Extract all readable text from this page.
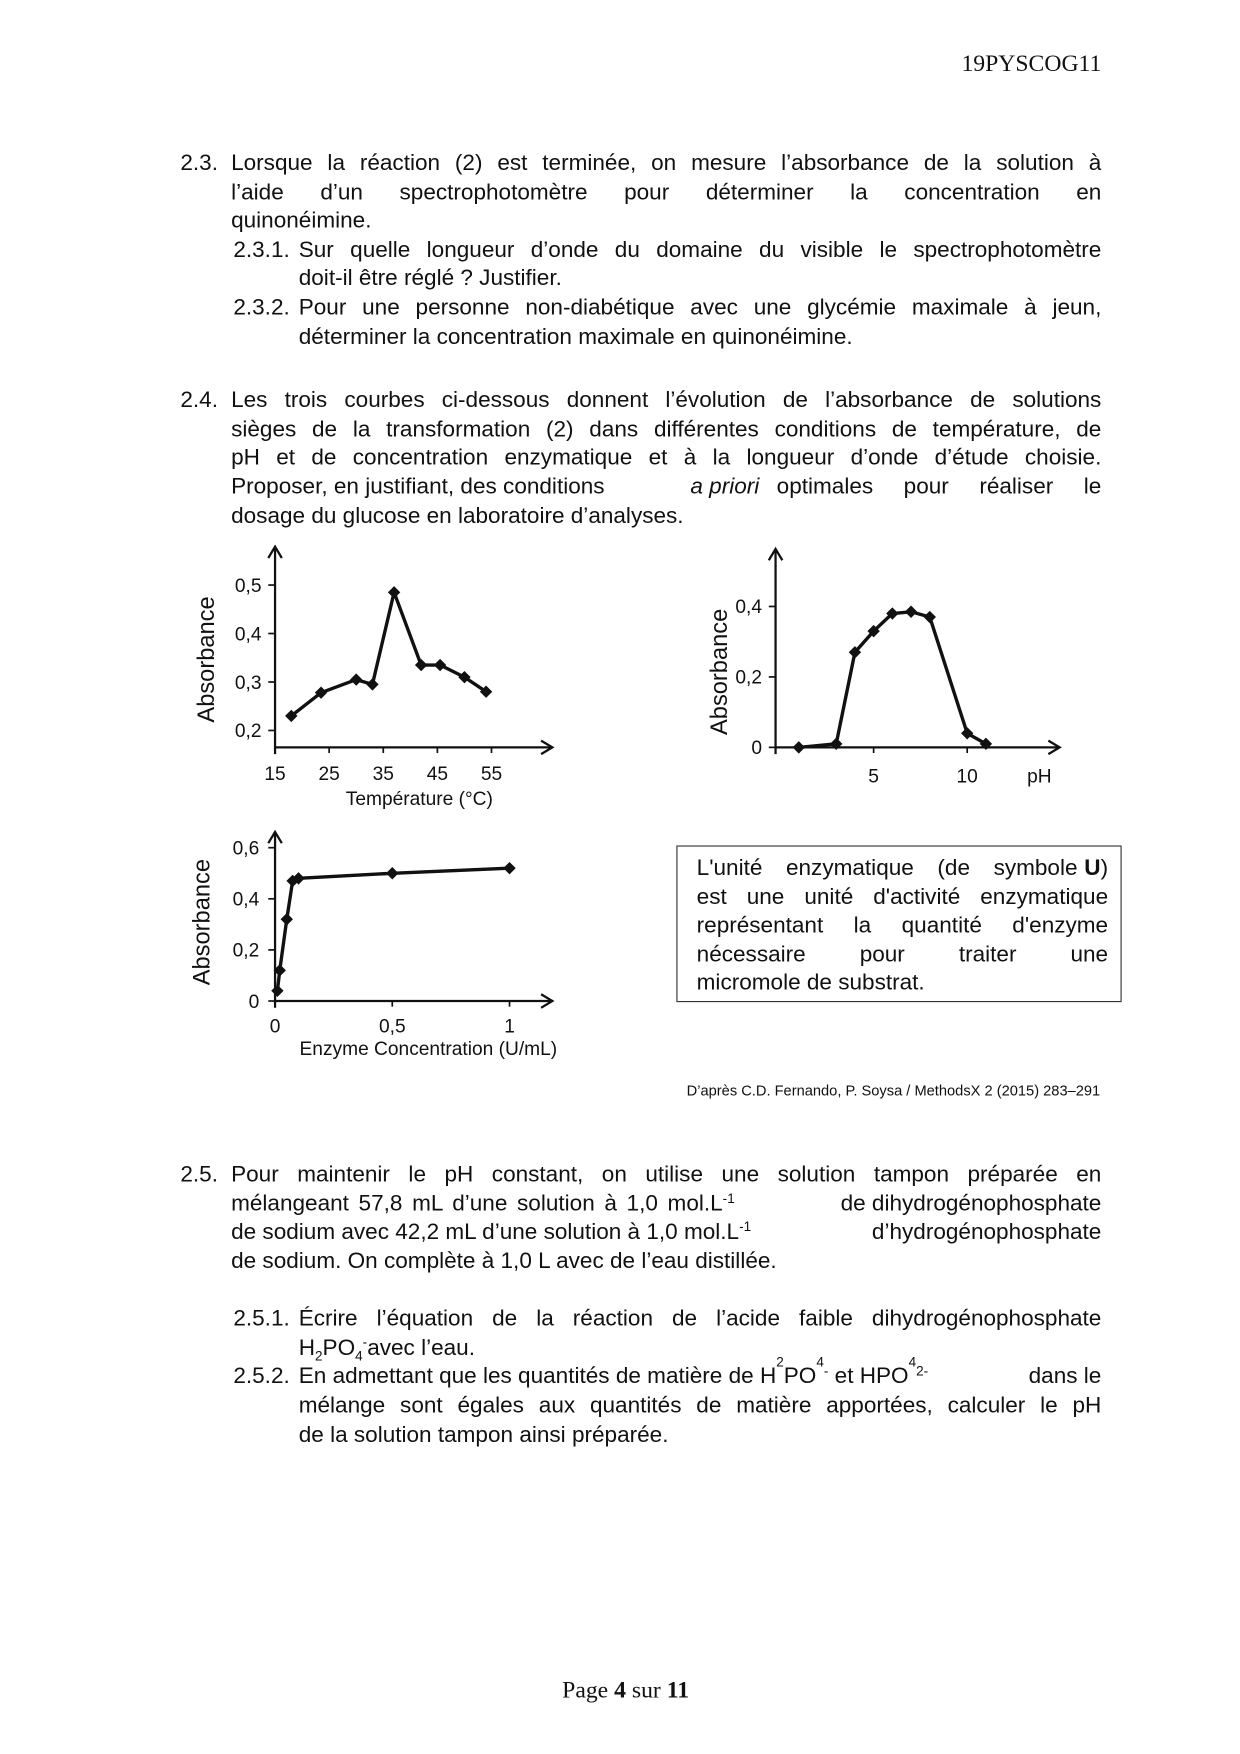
19PYSCOG11
2.3. Lorsque la réaction (2) est terminée, on mesure l’absorbance de la solution à
l’aide d’un spectrophotomètre pour déterminer la concentration en
quinonéimine.
2.3.1. Sur quelle longueur d’onde du domaine du visible le spectrophotomètre
doit-il être réglé ? Justifier.
2.3.2. Pour une personne non-diabétique avec une glycémie maximale à jeun,
déterminer la concentration maximale en quinonéimine.
2.4. Les trois courbes ci-dessous donnent l’évolution de l’absorbance de solutions
sièges de la transformation (2) dans différentes conditions de température, de
pH et de concentration enzymatique et à la longueur d’onde d’étude choisie.
Proposer, en justifiant, des conditions	a priori optimales pour réaliser le
dosage du glucose en laboratoire d’analyses.
Absorbance
Température (°C)
15 25 35 45 55
0,2
0,3
0,4
0,5
Absorbance
pH
5	10
0
0,2
0,4
Absorbance
Enzyme Concentration (U/mL)
0	0,5	1
0
0,2
0,4
0,6
L'unité enzymatique (de symbole U)
est une unité d'activité enzymatique
représentant la quantité d'enzyme
nécessaire pour traiter une
micromole de substrat.
D’après C.D. Fernando, P. Soysa / MethodsX 2 (2015) 283–291
2.5. Pour maintenir le pH constant, on utilise une solution tampon préparée en
mélangeant 57,8 mL d’une solution à 1,0 mol.L -1	de dihydrogénophosphate
de sodium avec 42,2 mL d’une solution à 1,0 mol.L -1	d’hydrogénophosphate
de sodium. On complète à 1,0 L avec de l’eau distillée.
2.5.1. Écrire l’équation de la réaction de l’acide faible dihydrogénophosphate
$H_2PO_4^-avec$ l’eau.
2.5.2. En admettant que les quantités de matière de H
2
PO
4
- et HPO
4
2-	dans le
mélange sont égales aux quantités de matière apportées, calculer le pH
de la solution tampon ainsi préparée.
Page 4 sur 11
